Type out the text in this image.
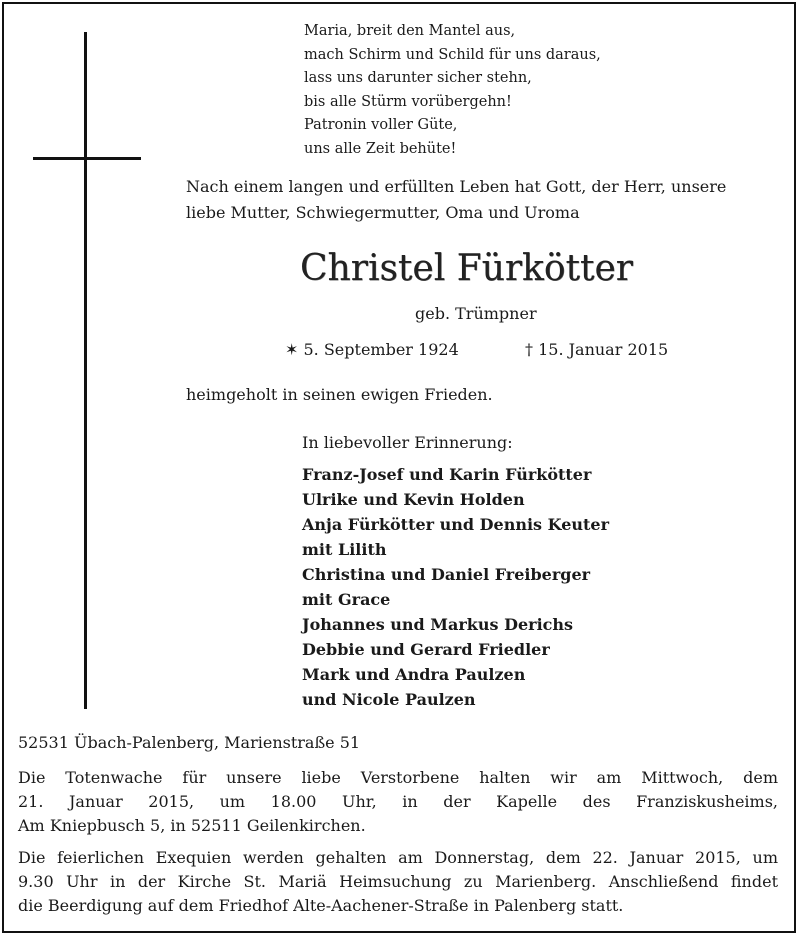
Maria, breit den Mantel aus,
mach Schirm und Schild für uns daraus,
lass uns darunter sicher stehn,
bis alle Stürm vorübergehn!
Patronin voller Güte,
uns alle Zeit behüte!
Nach einem langen und erfüllten Leben hat Gott, der Herr, unsere
liebe Mutter, Schwiegermutter, Oma und Uroma
Christel Fürkötter
geb. Trümpner
✶ 5. September 1924	† 15. Januar 2015
heimgeholt in seinen ewigen Frieden.
In liebevoller Erinnerung:
Franz-Josef und Karin Fürkötter
Ulrike und Kevin Holden
Anja Fürkötter und Dennis Keuter
mit Lilith
Christina und Daniel Freiberger
mit Grace
Johannes und Markus Derichs
Debbie und Gerard Friedler
Mark und Andra Paulzen
und Nicole Paulzen
52531 Übach-Palenberg, Marienstraße 51
Die Totenwache für unsere liebe Verstorbene halten wir am Mittwoch, dem
21. Januar 2015, um 18.00 Uhr, in der Kapelle des Franziskusheims,
Am Kniepbusch 5, in 52511 Geilenkirchen.
Die feierlichen Exequien werden gehalten am Donnerstag, dem 22. Januar 2015, um
9.30 Uhr in der Kirche St. Mariä Heimsuchung zu Marienberg. Anschließend findet
die Beerdigung auf dem Friedhof Alte-Aachener-Straße in Palenberg statt.
